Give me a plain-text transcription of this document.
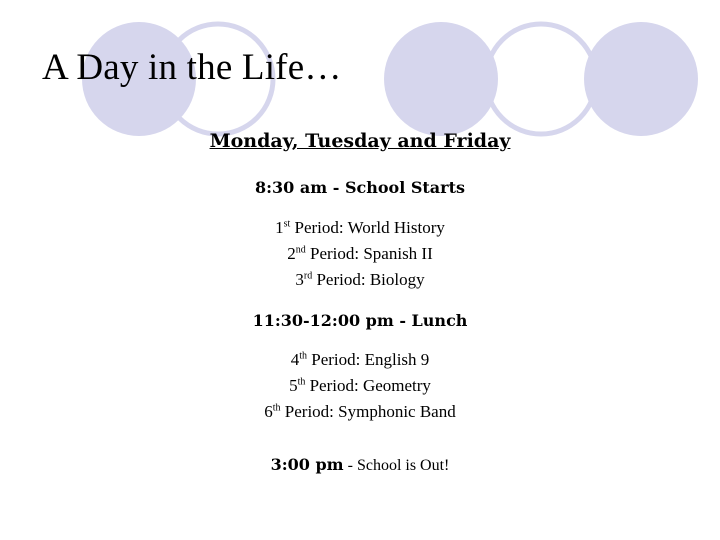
A Day in the Life…
Monday, Tuesday and Friday
8:30 am - School Starts
1st Period: World History
2nd Period: Spanish II
3rd Period: Biology
11:30-12:00 pm - Lunch
4th Period: English 9
5th Period: Geometry
6th Period: Symphonic Band
3:00 pm - School is Out!
